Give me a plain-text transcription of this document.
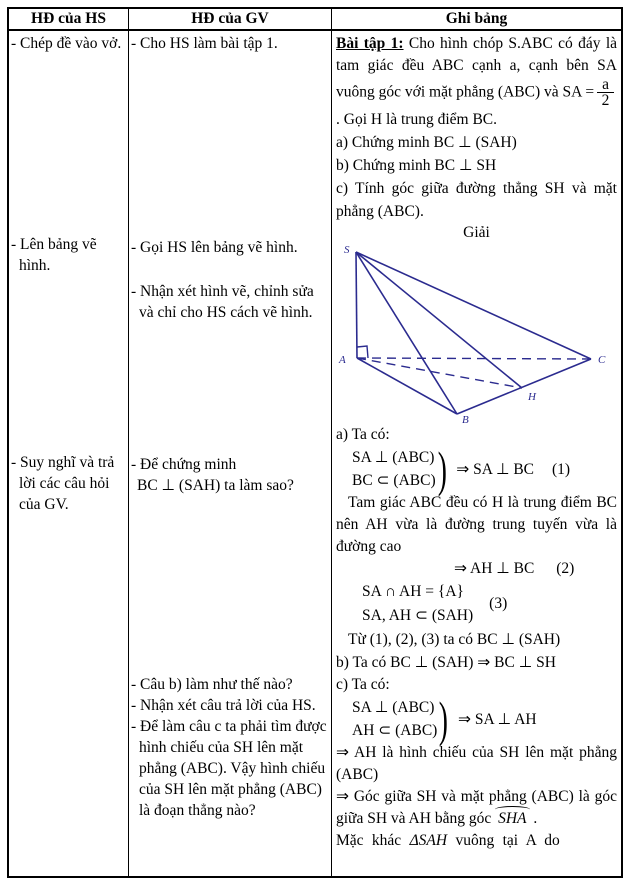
HĐ của HS	HĐ của GV	Ghi bảng
- Chép đề vào vở.
- Lên bảng vẽ hình.
- Suy nghĩ và trả lời các câu hỏi của GV.
- Cho HS làm bài tập 1.
- Gọi HS lên bảng vẽ hình.
- Nhận xét hình vẽ, chỉnh sửa và chỉ cho HS cách vẽ hình.
- Để chứng minh
BC ⊥ (SAH) ta làm sao?
- Câu b) làm như thế nào?
- Nhận xét câu trả lời của HS.
- Để làm câu c ta phải tìm được hình chiếu của SH lên mặt phẳng (ABC). Vậy hình chiếu của SH lên mặt phẳng (ABC) là đoạn thẳng nào?
Bài tập 1: Cho hình chóp S.ABC có đáy là tam giác đều ABC cạnh a, cạnh bên SA vuông góc với mặt phẳng (ABC) và SA = $\frac{a}{2}$
. Gọi H là trung điểm BC.
a) Chứng minh BC ⊥ (SAH)
b) Chứng minh BC ⊥ SH
c) Tính góc giữa đường thẳng SH và mặt phẳng (ABC).
Giải
S
A
B
C
H
a) Ta có:
SA ⊥ (ABC)
BC ⊂ (ABC) ) ⇒ SA ⊥ BC (1)
Tam giác ABC đều có H là trung điểm BC nên AH vừa là đường trung tuyến vừa là đường cao
⇒ AH ⊥ BC (2)
SA ∩ AH = {A}
SA, AH ⊂ (SAH)
(3)
Từ (1), (2), (3) ta có BC ⊥ (SAH)
b) Ta có BC ⊥ (SAH) ⇒ BC ⊥ SH
c) Ta có:
SA ⊥ (ABC)
AH ⊂ (ABC) ) ⇒ SA ⊥ AH
⇒ AH là hình chiếu của SH lên mặt phẳng (ABC)
⇒ Góc giữa SH và mặt phẳng (ABC) là góc giữa SH và AH bằng góc SHA .
Mặc khác ΔSAH vuông tại A do
